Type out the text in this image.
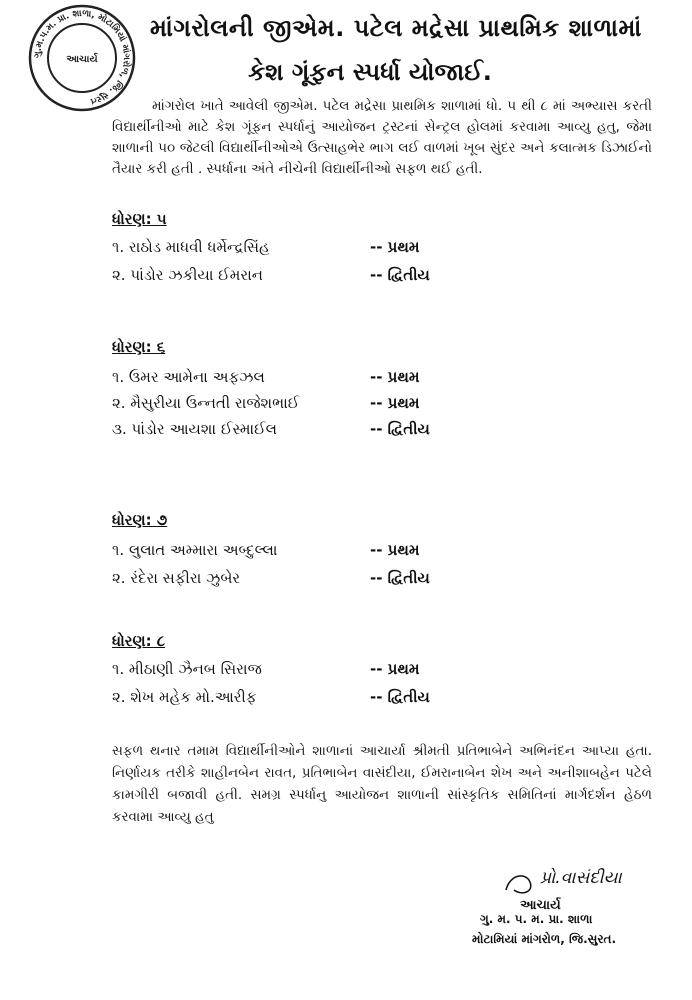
ગુ.મ.પ.મ. પ્રા. શાળા, મોટામિયાં માંગરોળ, જિ. સુરત
આચાર્ય
માંગરોલની જીએમ. પટેલ મદ્રેસા પ્રાથમિક શાળામાં
કેશ ગૂંફન સ્પર્ધા યોજાઈ.
માંગરોલ ખાતે આવેલી જીએમ. પટેલ મદ્રેસા પ્રાથમિક શાળામાં ધો. ૫ થી ૮ માં અભ્યાસ કરતી વિદ્યાર્થીનીઓ માટે કેશ ગૂંફન સ્પર્ધાનું આયોજન ટ્રસ્ટનાં સેન્ટ્રલ હોલમાં કરવામા આવ્યુ હતુ, જેમા શાળાની ૫૦ જેટલી વિદ્યાર્થીનીઓએ ઉત્સાહભેર ભાગ લઈ વાળમાં ખૂબ સુંદર અને કલાત્મક ડિઝાઈનો તૈયાર કરી હતી . સ્પર્ધાના અંતે નીચેની વિદ્યાર્થીનીઓ સફળ થઈ હતી.
ધોરણ: ૫
૧. રાઠોડ માધવી ધર્મેન્દ્રસિંહ	-- પ્રથમ
૨. પાંડોર ઝકીયા ઈમરાન	-- દ્વિતીય
ધોરણ: ૬
૧. ઉમર આમેના અફઝલ	-- પ્રથમ
૨. મૈસુરીયા ઉન્નતી રાજેશભાઈ	-- પ્રથમ
૩. પાંડોર આયશા ઈસ્માઈલ	-- દ્વિતીય
ધોરણ: ૭
૧. લુલાત અમ્મારા અબ્દુલ્લા	-- પ્રથમ
૨. રંદેરા સફીરા ઝુબેર	-- દ્વિતીય
ધોરણ: ૮
૧. મીઠાણી ઝૈનબ સિરાજ	-- પ્રથમ
૨. શેખ મહેક મો.આરીફ	-- દ્વિતીય
સફળ થનાર તમામ વિદ્યાર્થીનીઓને શાળાનાં આચાર્યા શ્રીમતી પ્રતિભાબેને અભિનંદન આપ્યા હતા. નિર્ણાયક તરીકે શાહીનબેન રાવત, પ્રતિભાબેન વાસંદીયા, ઈમરાનાબેન શેખ અને અનીશાબહેન પટેલે કામગીરી બજાવી હતી. સમગ્ર સ્પર્ધાનુ આયોજન શાળાની સાંસ્કૃતિક સમિતિનાં માર્ગદર્શન હેઠળ કરવામા આવ્યુ હતુ
પ્રો.વાસંદીયા
આચાર્ય
ગુ. મ. પ. મ. પ્રા. શાળા
મોટામિયાં માંગરોળ, જિ.સુરત.
